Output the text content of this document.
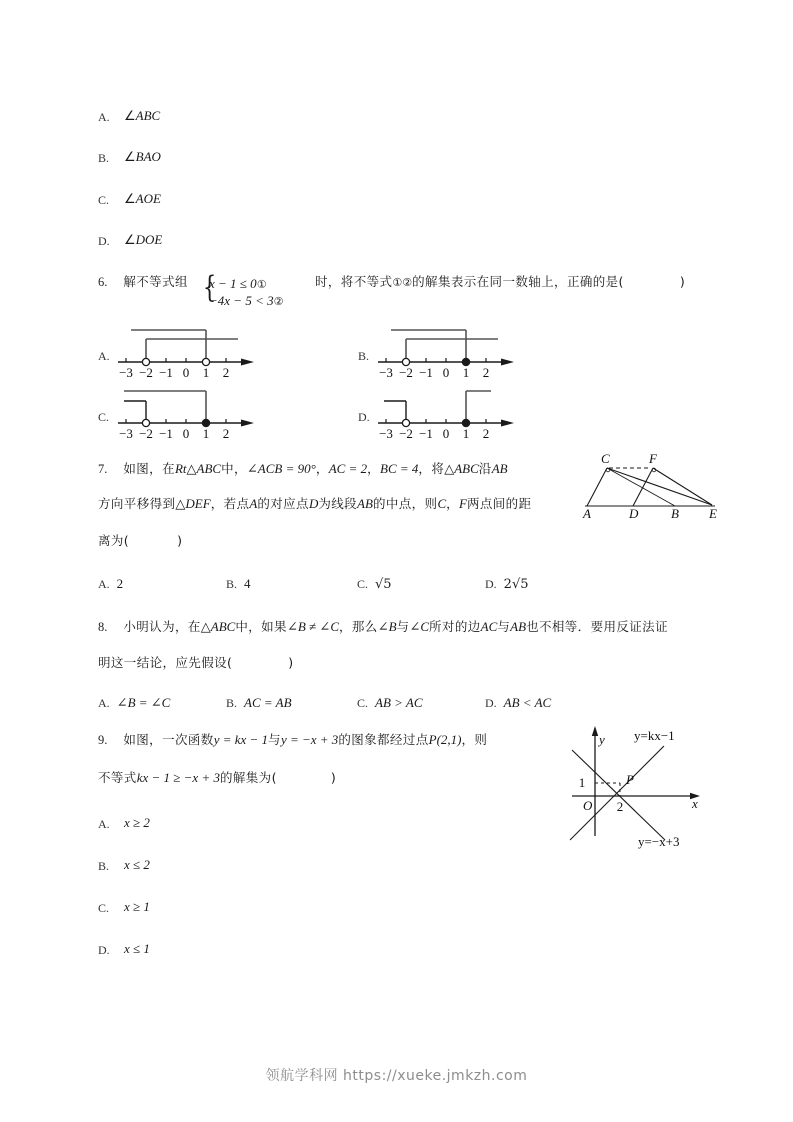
A.	∠ ABC
B.	∠ BAO
C.	∠ AOE
D.	∠ DOE
6. 解不等式组 {
x − 1 ≤ 0①
−4x − 5 < 3②
时，将不等式①②的解集表示在同一数轴上，正确的是(	)
A.
−3 −2 −1 0 1 2
B.
−3 −2 −1 0 1 2
C.
−3 −2 −1 0 1 2
D.
−3 −2 −1 0 1 2
7. 如图，在Rt△ABC中，∠ACB = 90°，AC = 2，BC = 4，将△ABC沿AB
方向平移得到△DEF，若点A的对应点D为线段AB的中点，则C，F两点间的距
离为(	)
A	D	B E
C	F
A. 2	B. 4	C. √5	D. 2√5
8. 小明认为，在△ABC中，如果∠B ≠ ∠C，那么∠B与∠C所对的边AC与AB也不相等．要用反证法证
明这一结论，应先假设(	)
A. ∠B = ∠C	B. AC = AB	C. AB > AC	D. AB < AC
9. 如图，一次函数y = kx − 1与y = −x + 3的图象都经过点P(2,1)，则
不等式kx − 1 ≥ −x + 3的解集为(	)
y
x
O
P
1
2
y=kx−1
y=−x+3
A. x ≥ 2
B. x ≤ 2
C. x ≥ 1
D. x ≤ 1
领航学科网 https://xueke.jmkzh.com
